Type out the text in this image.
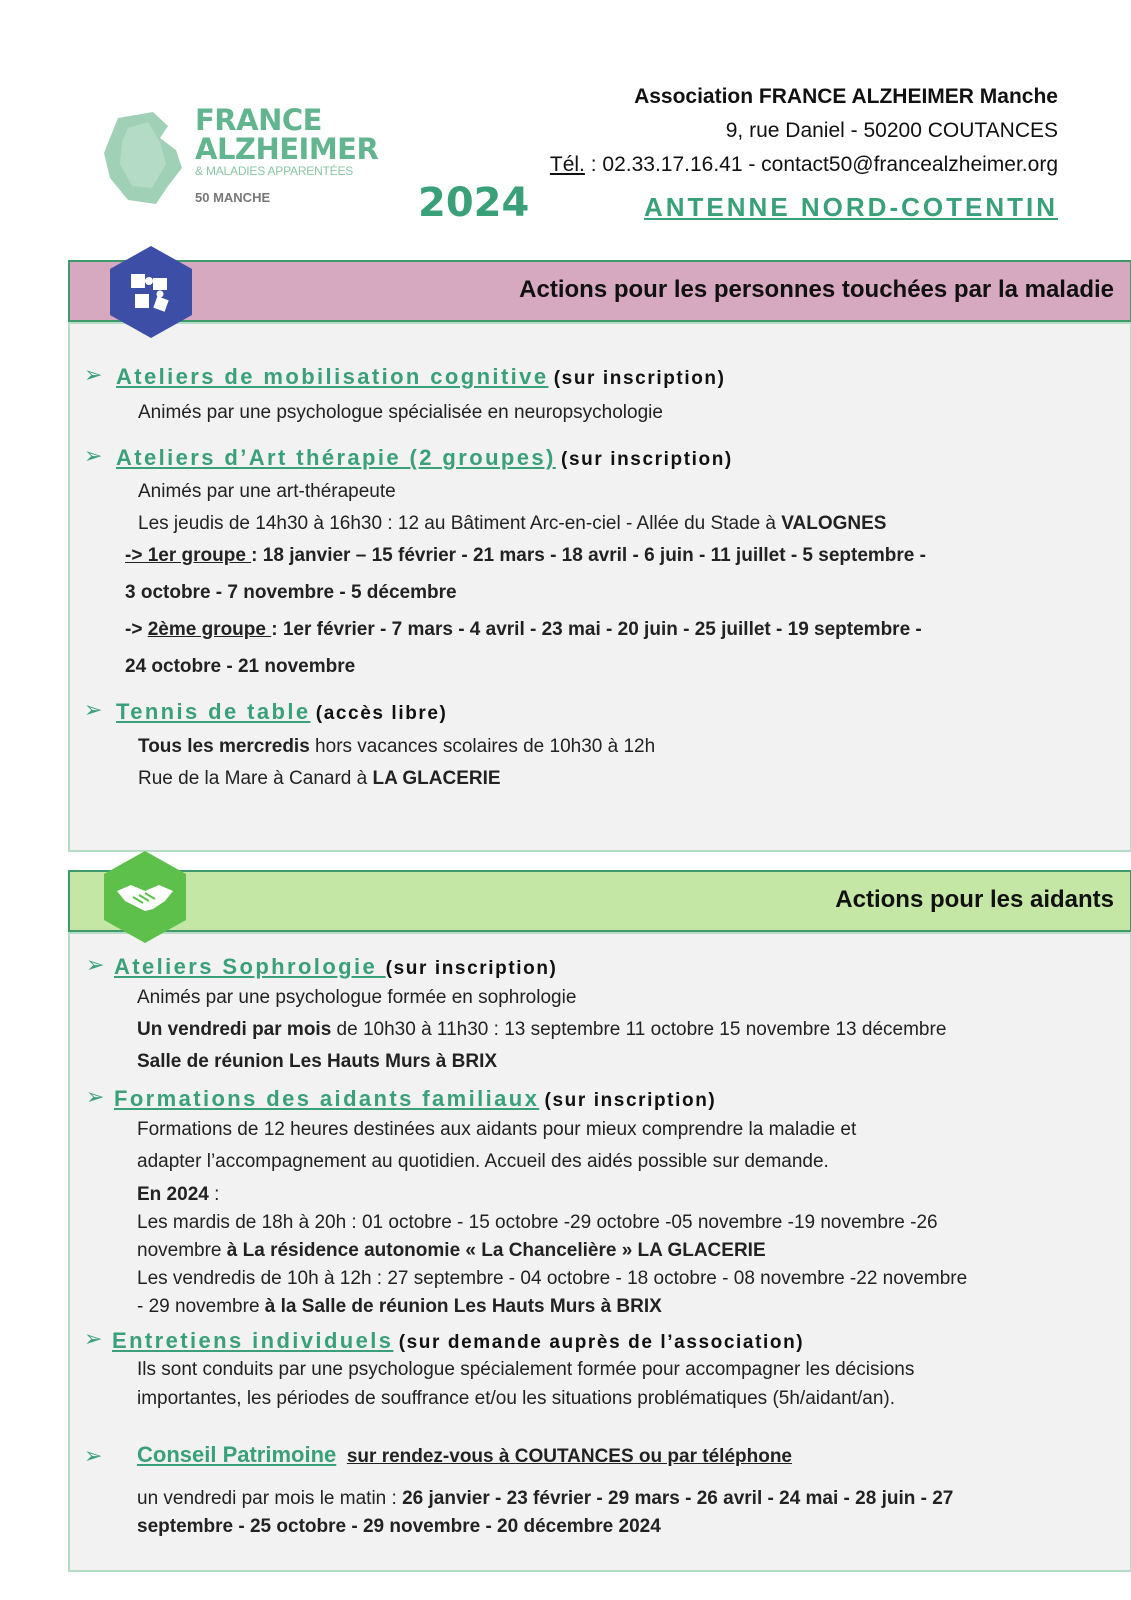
FRANCE
ALZHEIMER
& MALADIES APPARENTÉES
50 MANCHE
Association FRANCE ALZHEIMER Manche
9, rue Daniel - 50200 COUTANCES
Tél. : 02.33.17.16.41 - contact50@francealzheimer.org
2024	ANTENNE NORD-COTENTIN
Actions pour les personnes touchées par la maladie
➢ Ateliers de mobilisation cognitive (sur inscription)
Animés par une psychologue spécialisée en neuropsychologie
➢ Ateliers d’Art thérapie (2 groupes) (sur inscription)
Animés par une art-thérapeute
Les jeudis de 14h30 à 16h30 : 12 au Bâtiment Arc-en-ciel - Allée du Stade à VALOGNES
-> 1er groupe : 18 janvier – 15 février - 21 mars - 18 avril - 6 juin - 11 juillet - 5 septembre -
3 octobre - 7 novembre - 5 décembre
-> 2ème groupe : 1er février - 7 mars - 4 avril - 23 mai - 20 juin - 25 juillet - 19 septembre -
24 octobre - 21 novembre
➢ Tennis de table (accès libre)
Tous les mercredis hors vacances scolaires de 10h30 à 12h
Rue de la Mare à Canard à LA GLACERIE
Actions pour les aidants
➢ Ateliers Sophrologie (sur inscription)
Animés par une psychologue formée en sophrologie
Un vendredi par mois de 10h30 à 11h30 : 13 septembre 11 octobre 15 novembre 13 décembre
Salle de réunion Les Hauts Murs à BRIX
➢ Formations des aidants familiaux (sur inscription)
Formations de 12 heures destinées aux aidants pour mieux comprendre la maladie et
adapter l’accompagnement au quotidien. Accueil des aidés possible sur demande.
En 2024 :
Les mardis de 18h à 20h : 01 octobre - 15 octobre -29 octobre -05 novembre -19 novembre -26
novembre à La résidence autonomie « La Chancelière » LA GLACERIE
Les vendredis de 10h à 12h : 27 septembre - 04 octobre - 18 octobre - 08 novembre -22 novembre
- 29 novembre à la Salle de réunion Les Hauts Murs à BRIX
➢ Entretiens individuels (sur demande auprès de l’association)
Ils sont conduits par une psychologue spécialement formée pour accompagner les décisions
importantes, les périodes de souffrance et/ou les situations problématiques (5h/aidant/an).
➢ Conseil Patrimoine sur rendez-vous à COUTANCES ou par téléphone
un vendredi par mois le matin : 26 janvier - 23 février - 29 mars - 26 avril - 24 mai - 28 juin - 27
septembre - 25 octobre - 29 novembre - 20 décembre 2024
